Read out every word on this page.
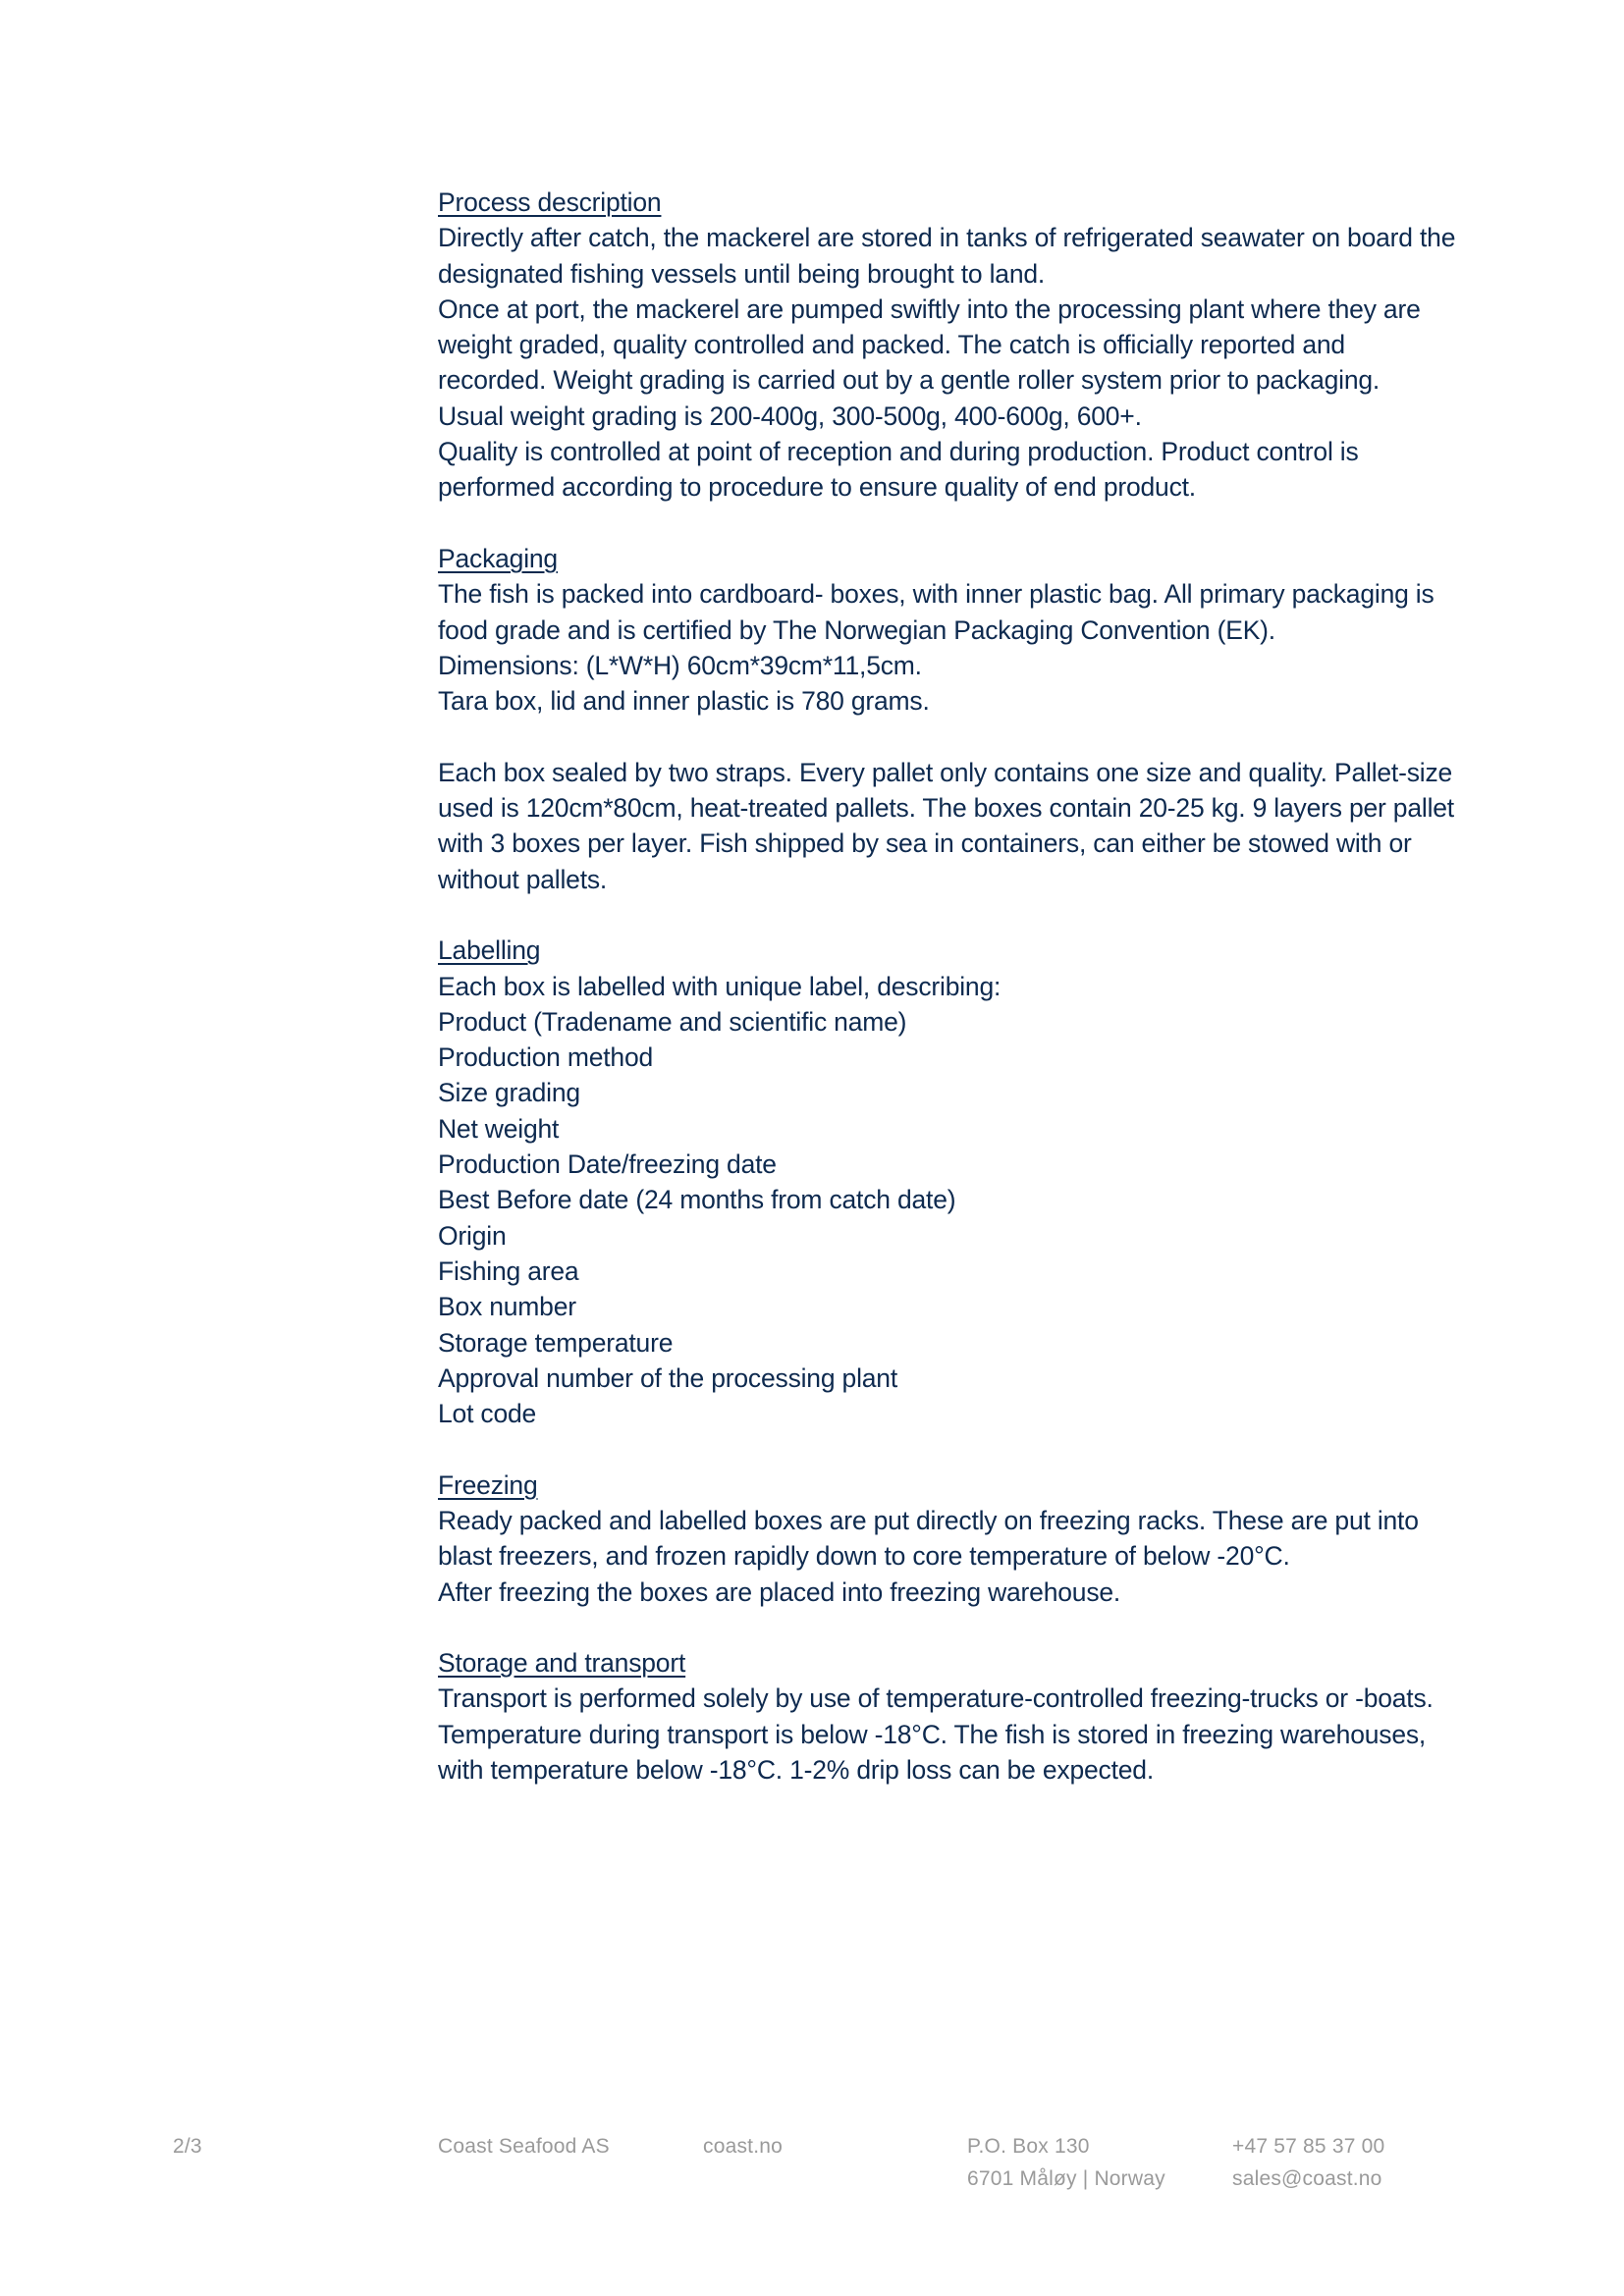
Process description

Directly after catch, the mackerel are stored in tanks of refrigerated seawater on board the designated fishing vessels until being brought to land.

Once at port, the mackerel are pumped swiftly into the processing plant where they are weight graded, quality controlled and packed. The catch is officially reported and recorded. Weight grading is carried out by a gentle roller system prior to packaging.

Usual weight grading is 200-400g, 300-500g, 400-600g, 600+.

Quality is controlled at point of reception and during production. Product control is performed according to procedure to ensure quality of end product.

Packaging

The fish is packed into cardboard- boxes, with inner plastic bag. All primary packaging is food grade and is certified by The Norwegian Packaging Convention (EK).

Dimensions: (L*W*H) 60cm*39cm*11,5cm.

Tara box, lid and inner plastic is 780 grams.

Each box sealed by two straps. Every pallet only contains one size and quality. Pallet-size used is 120cm*80cm, heat-treated pallets. The boxes contain 20-25 kg. 9 layers per pallet with 3 boxes per layer. Fish shipped by sea in containers, can either be stowed with or without pallets.

Labelling

Each box is labelled with unique label, describing:

Product (Tradename and scientific name)
Production method
Size grading
Net weight
Production Date/freezing date
Best Before date (24 months from catch date)
Origin
Fishing area
Box number
Storage temperature
Approval number of the processing plant
Lot code
Freezing

Ready packed and labelled boxes are put directly on freezing racks. These are put into blast freezers, and frozen rapidly down to core temperature of below -20°C.

After freezing the boxes are placed into freezing warehouse.

Storage and transport

Transport is performed solely by use of temperature-controlled freezing-trucks or -boats. Temperature during transport is below -18°C. The fish is stored in freezing warehouses, with temperature below -18°C. 1-2% drip loss can be expected.

2/3	Coast Seafood AS	coast.no	P.O. Box 130
6701 Måløy | Norway
+47 57 85 37 00
sales@coast.no
